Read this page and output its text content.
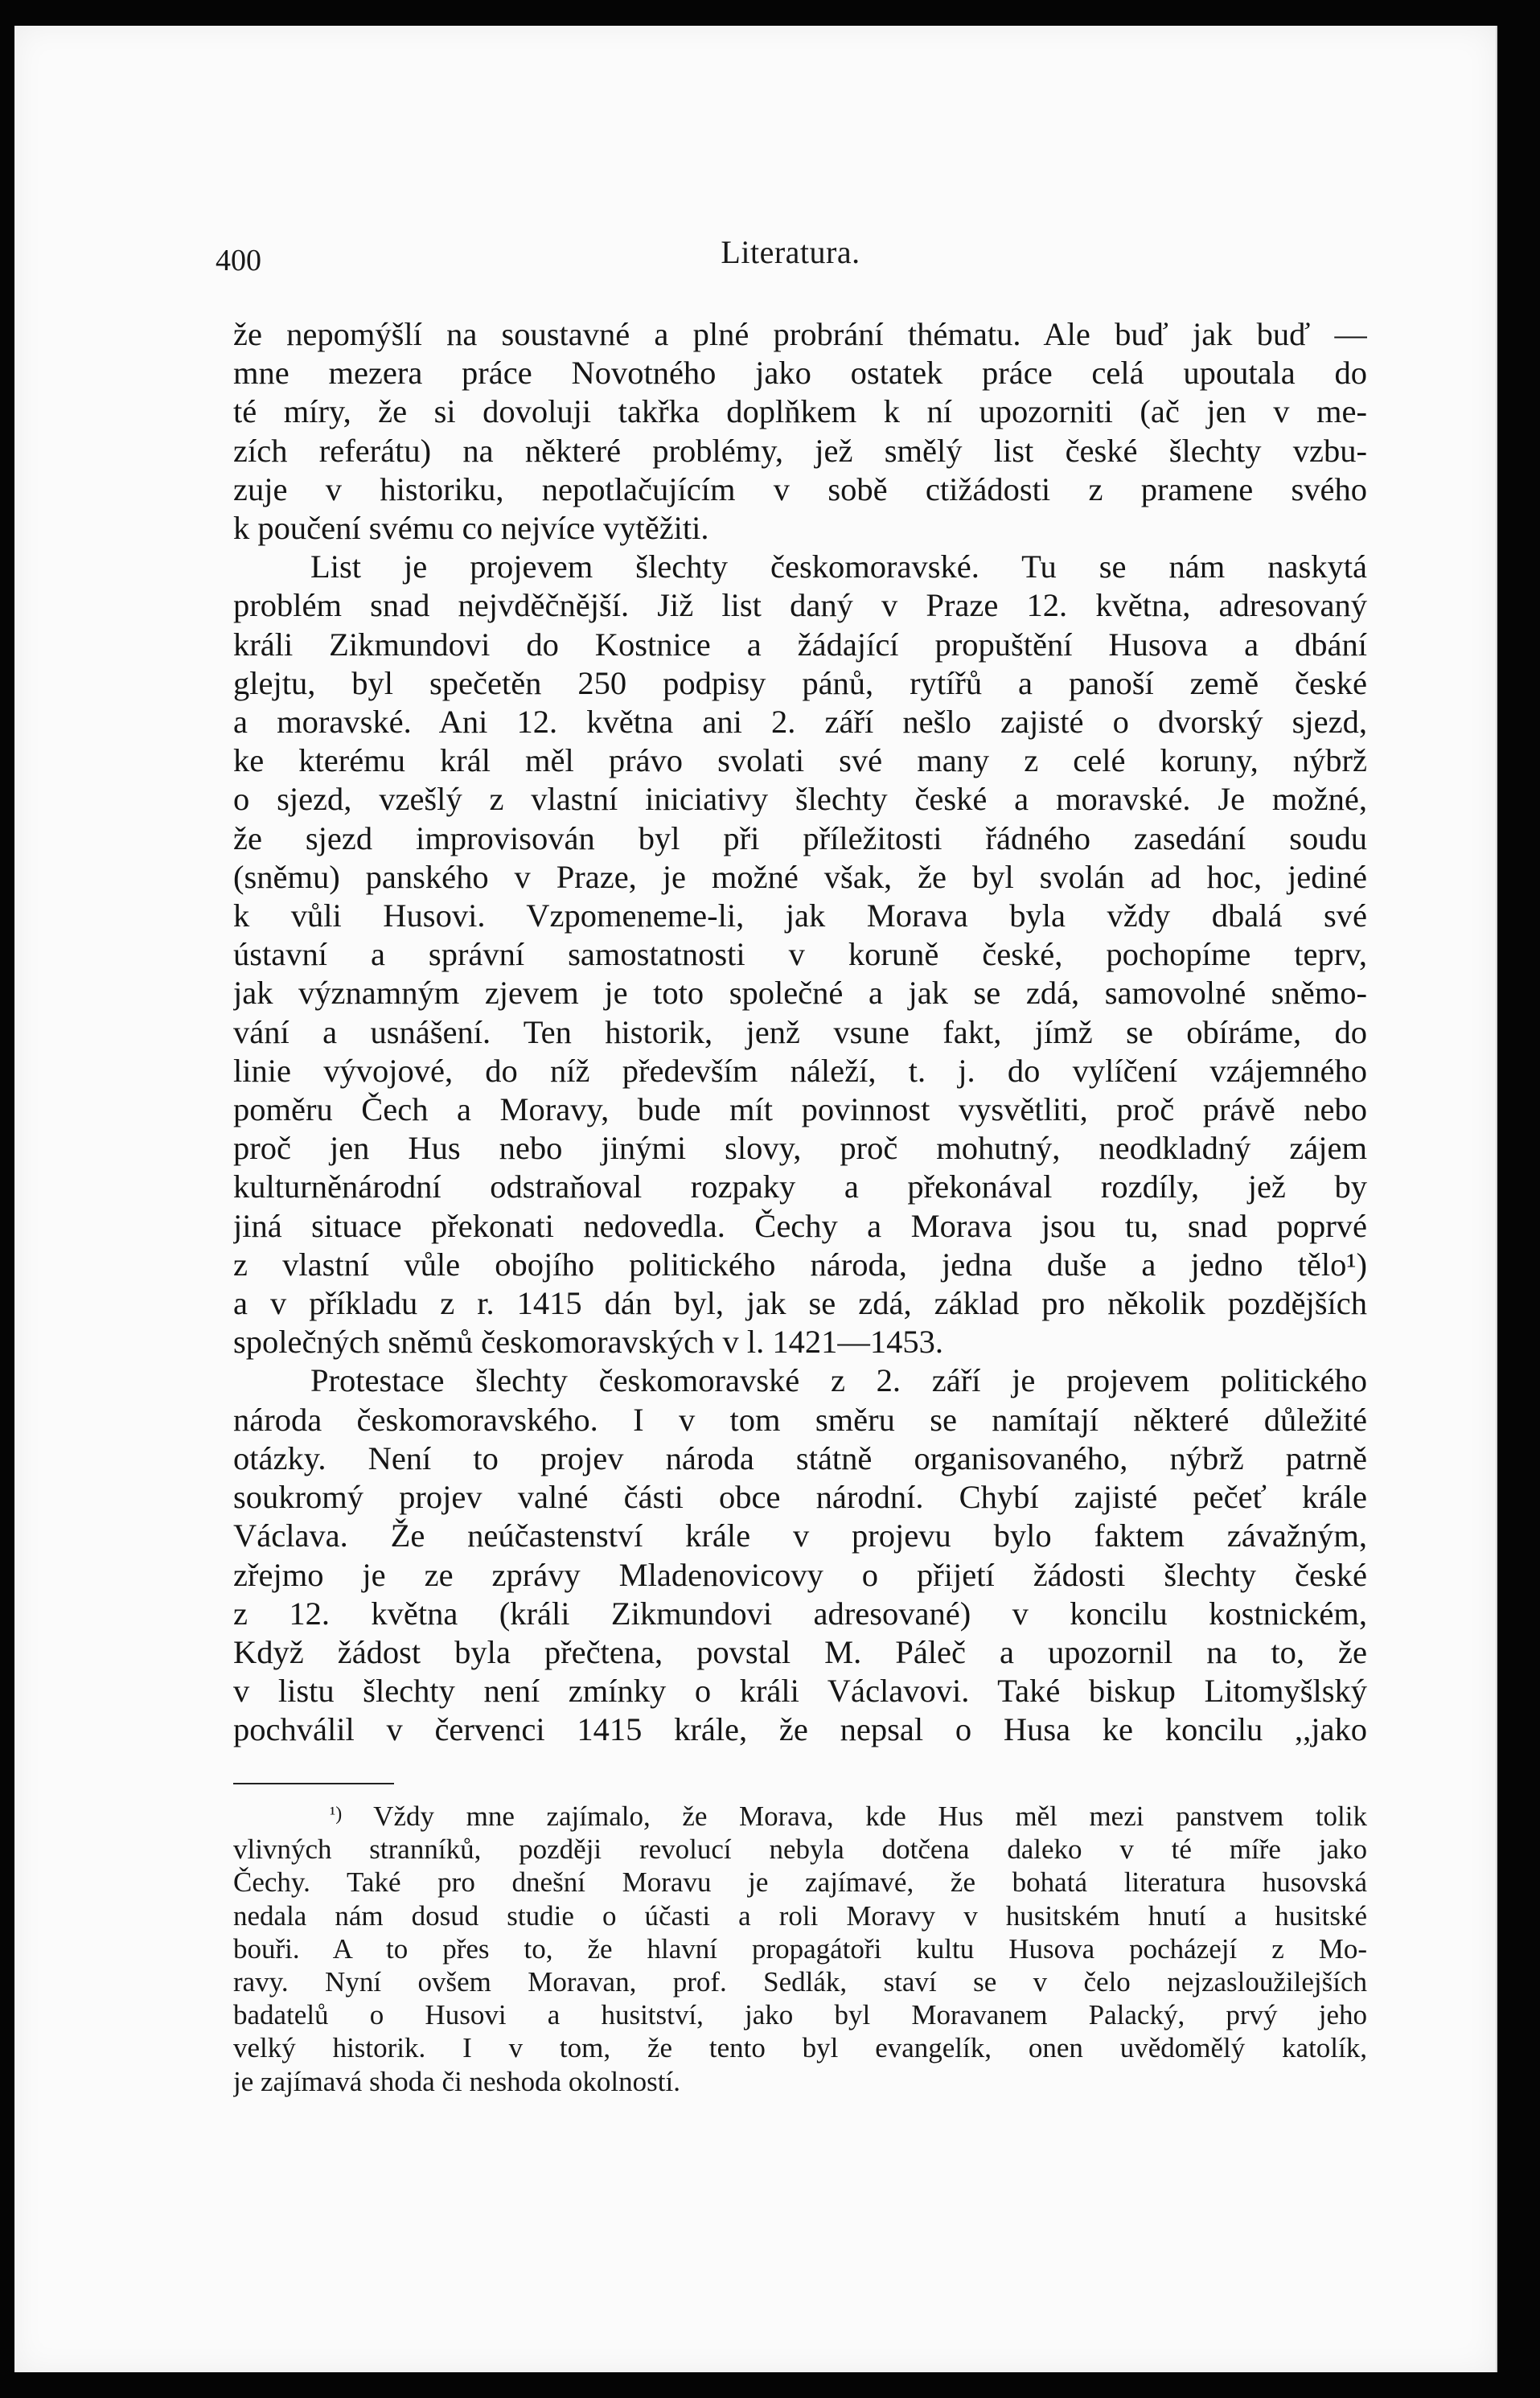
400	Literatura.

že nepomýšlí na soustavné a plné probrání thématu. Ale buď jak buď —

mne mezera práce Novotného jako ostatek práce celá upoutala do

té míry, že si dovoluji takřka doplňkem k ní upozorniti (ač jen v me-

zích referátu) na některé problémy, jež smělý list české šlechty vzbu-

zuje v historiku, nepotlačujícím v sobě ctižádosti z pramene svého

k poučení svému co nejvíce vytěžiti.

List je projevem šlechty českomoravské. Tu se nám naskytá

problém snad nejvděčnější. Již list daný v Praze 12. května, adresovaný

králi Zikmundovi do Kostnice a žádající propuštění Husova a dbání

glejtu, byl spečetěn 250 podpisy pánů, rytířů a panoší země české

a moravské. Ani 12. května ani 2. září nešlo zajisté o dvorský sjezd,

ke kterému král měl právo svolati své many z celé koruny, nýbrž

o sjezd, vzešlý z vlastní iniciativy šlechty české a moravské. Je možné,

že sjezd improvisován byl při příležitosti řádného zasedání soudu

(sněmu) panského v Praze, je možné však, že byl svolán ad hoc, jediné

k vůli Husovi. Vzpomeneme-li, jak Morava byla vždy dbalá své

ústavní a správní samostatnosti v koruně české, pochopíme teprv,

jak významným zjevem je toto společné a jak se zdá, samovolné sněmo-

vání a usnášení. Ten historik, jenž vsune fakt, jímž se obíráme, do

linie vývojové, do níž především náleží, t. j. do vylíčení vzájemného

poměru Čech a Moravy, bude mít povinnost vysvětliti, proč právě nebo

proč jen Hus nebo jinými slovy, proč mohutný, neodkladný zájem

kulturněnárodní odstraňoval rozpaky a překonával rozdíly, jež by

jiná situace překonati nedovedla. Čechy a Morava jsou tu, snad poprvé

z vlastní vůle obojího politického národa, jedna duše a jedno tělo¹)

a v příkladu z r. 1415 dán byl, jak se zdá, základ pro několik pozdějších

společných sněmů českomoravských v l. 1421—1453.

Protestace šlechty českomoravské z 2. září je projevem politického

národa českomoravského. I v tom směru se namítají některé důležité

otázky. Není to projev národa státně organisovaného, nýbrž patrně

soukromý projev valné části obce národní. Chybí zajisté pečeť krále

Václava. Že neúčastenství krále v projevu bylo faktem závažným,

zřejmo je ze zprávy Mladenovicovy o přijetí žádosti šlechty české

z 12. května (králi Zikmundovi adresované) v koncilu kostnickém,

Když žádost byla přečtena, povstal M. Páleč a upozornil na to, že

v listu šlechty není zmínky o králi Václavovi. Také biskup Litomyšlský

pochválil v červenci 1415 krále, že nepsal o Husa ke koncilu ,,jako

$^{^1)}$ Vždy mne zajímalo, že Morava, kde Hus měl mezi panstvem tolik

vlivných stranníků, později revolucí nebyla dotčena daleko v té míře jako

Čechy. Také pro dnešní Moravu je zajímavé, že bohatá literatura husovská

nedala nám dosud studie o účasti a roli Moravy v husitském hnutí a husitské

bouři. A to přes to, že hlavní propagátoři kultu Husova pocházejí z Mo-

ravy. Nyní ovšem Moravan, prof. Sedlák, staví se v čelo nejzasloužilejších

badatelů o Husovi a husitství, jako byl Moravanem Palacký, prvý jeho

velký historik. I v tom, že tento byl evangelík, onen uvědomělý katolík,

je zajímavá shoda či neshoda okolností.
